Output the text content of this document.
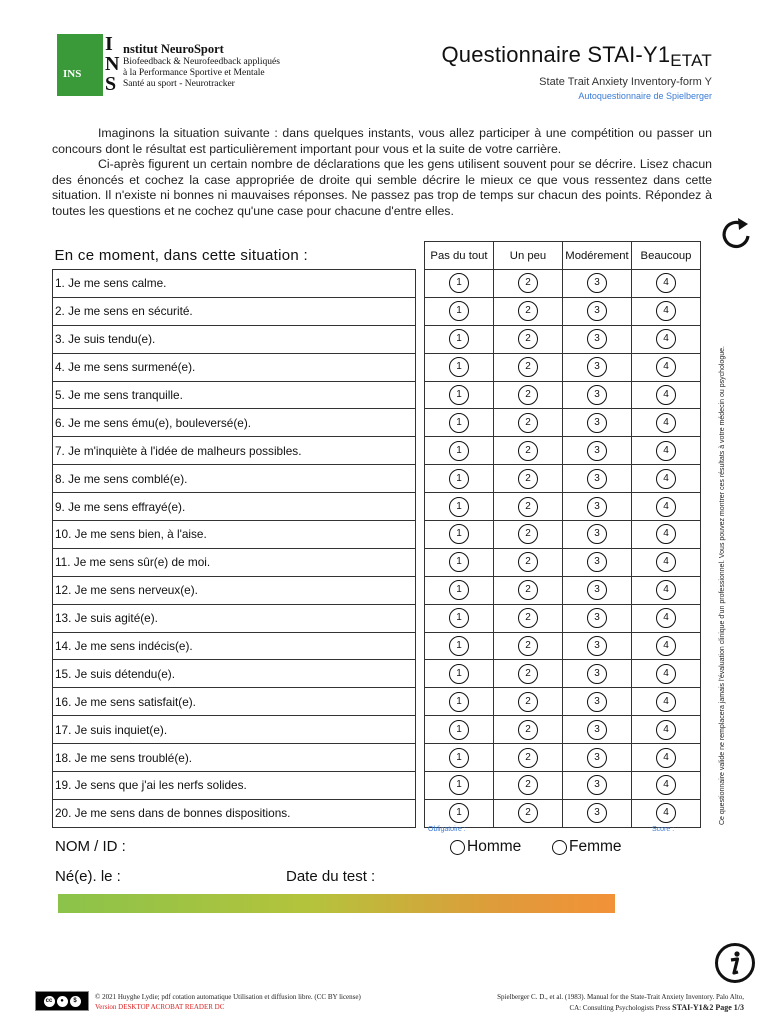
INS
I
N
S
nstitut NeuroSport
Biofeedback & Neurofeedback appliqués
à la Performance Sportive et Mentale
Santé au sport - Neurotracker
Questionnaire STAI-Y1ETAT
State Trait Anxiety Inventory-form Y
Autoquestionnaire de Spielberger

Imaginons la situation suivante : dans quelques instants, vous allez participer à une compétition ou passer un concours dont le résultat est particulièrement important pour vous et la suite de votre carrière.

Ci-après figurent un certain nombre de déclarations que les gens utilisent souvent pour se décrire. Lisez chacun des énoncés et cochez la case appropriée de droite qui semble décrire le mieux ce que vous ressentez dans cette situation. Il n'existe ni bonnes ni mauvaises réponses. Ne passez pas trop de temps sur chacun des points. Répondez à toutes les questions et ne cochez qu'une case pour chacune d'entre elles.

En ce moment, dans cette situation :		Pas du tout	Un peu	Modérement	Beaucoup
1. Je me sens calme.		1	2	3	4
2. Je me sens en sécurité.		1	2	3	4
3. Je suis tendu(e).		1	2	3	4
4. Je me sens surmené(e).		1	2	3	4
5. Je me sens tranquille.		1	2	3	4
6. Je me sens ému(e), bouleversé(e).		1	2	3	4
7. Je m'inquiète à l'idée de malheurs possibles.		1	2	3	4
8. Je me sens comblé(e).		1	2	3	4
9. Je me sens effrayé(e).		1	2	3	4
10. Je me sens bien, à l'aise.		1	2	3	4
11. Je me sens sûr(e) de moi.		1	2	3	4
12. Je me sens nerveux(e).		1	2	3	4
13. Je suis agité(e).		1	2	3	4
14. Je me sens indécis(e).		1	2	3	4
15. Je suis détendu(e).		1	2	3	4
16. Je me sens satisfait(e).		1	2	3	4
17. Je suis inquiet(e).		1	2	3	4
18. Je me sens troublé(e).		1	2	3	4
19. Je sens que j'ai les nerfs solides.		1	2	3	4
20. Je me sens dans de bonnes dispositions.		1	2	3	4	Ce questionnaire valide ne remplacera jamais l'évaluation clinique d'un professionnel. Vous pouvez montrer ces résultats à votre médecin ou psychologue.
Obligatoire :	Score :
NOM / ID :	Homme	Femme
Né(e). le :	Date du test :
cc	●	$	© 2021 Huyghe Lydie; pdf cotation automatique Utilisation et diffusion libre. (CC BY license)
Version DESKTOP ACROBAT READER DC
Spielberger C. D., et al. (1983). Manual for the State-Trait Anxiety Inventory. Palo Alto,
CA: Consulting Psychologists Press STAI-Y1&2 Page 1/3
